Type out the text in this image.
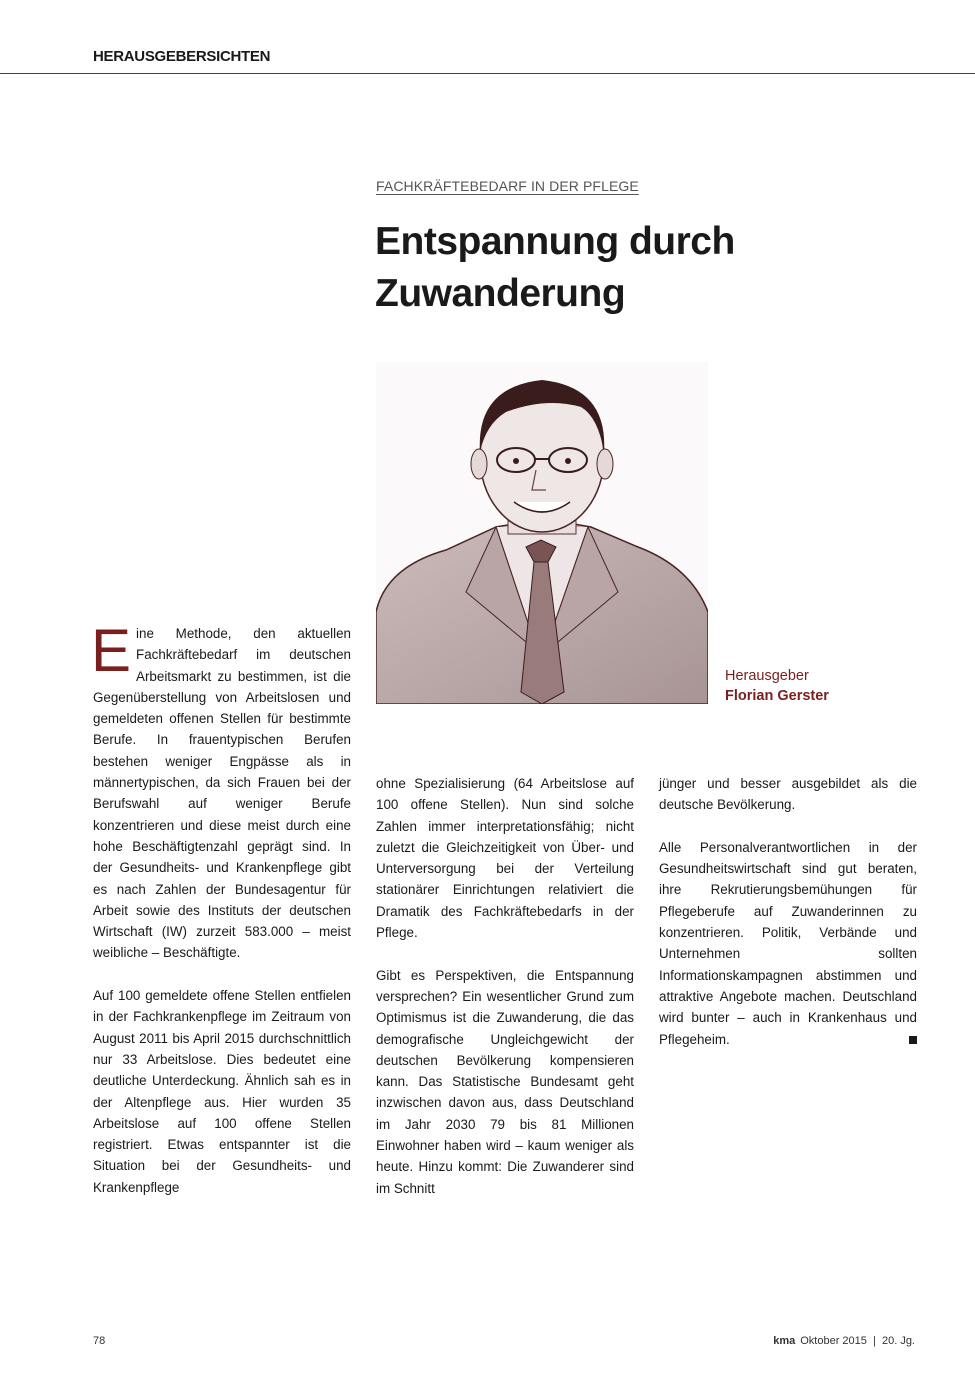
HERAUSGEBERSICHTEN
FACHKRÄFTEBEDARF IN DER PFLEGE
Entspannung durch
Zuwanderung
Herausgeber
Florian Gerster

Eine Methode, den aktuellen Fachkräftebedarf im deutschen Arbeitsmarkt zu bestimmen, ist die Gegenüberstellung von Arbeitslosen und gemeldeten offenen Stellen für bestimmte Berufe. In frauentypischen Berufen bestehen weniger Engpässe als in männertypischen, da sich Frauen bei der Berufswahl auf weniger Berufe konzentrieren und diese meist durch eine hohe Beschäftigtenzahl geprägt sind. In der Gesundheits- und Krankenpflege gibt es nach Zahlen der Bundesagentur für Arbeit sowie des Instituts der deutschen Wirtschaft (IW) zurzeit 583.000 – meist weibliche – Beschäftigte.

Auf 100 gemeldete offene Stellen entfielen in der Fachkrankenpflege im Zeitraum von August 2011 bis April 2015 durchschnittlich nur 33 Arbeitslose. Dies bedeutet eine deutliche Unterdeckung. Ähnlich sah es in der Altenpflege aus. Hier wurden 35 Arbeitslose auf 100 offene Stellen registriert. Etwas entspannter ist die Situation bei der Gesundheits- und Krankenpflege

ohne Spezialisierung (64 Arbeitslose auf 100 offene Stellen). Nun sind solche Zahlen immer interpretationsfähig; nicht zuletzt die Gleichzeitigkeit von Über- und Unterversorgung bei der Verteilung stationärer Einrichtungen relativiert die Dramatik des Fachkräftebedarfs in der Pflege.

Gibt es Perspektiven, die Entspannung versprechen? Ein wesentlicher Grund zum Optimismus ist die Zuwanderung, die das demografische Ungleichgewicht der deutschen Bevölkerung kompensieren kann. Das Statistische Bundesamt geht inzwischen davon aus, dass Deutschland im Jahr 2030 79 bis 81 Millionen Einwohner haben wird – kaum weniger als heute. Hinzu kommt: Die Zuwanderer sind im Schnitt

jünger und besser ausgebildet als die deutsche Bevölkerung.

Alle Personalverantwortlichen in der Gesundheitswirtschaft sind gut beraten, ihre Rekrutierungsbemühungen für Pflegeberufe auf Zuwanderinnen zu konzentrieren. Politik, Verbände und Unternehmen sollten Informationskampagnen abstimmen und attraktive Angebote machen. Deutschland wird bunter – auch in Krankenhaus und Pflegeheim.

78	kma Oktober 2015  |  20. Jg.
